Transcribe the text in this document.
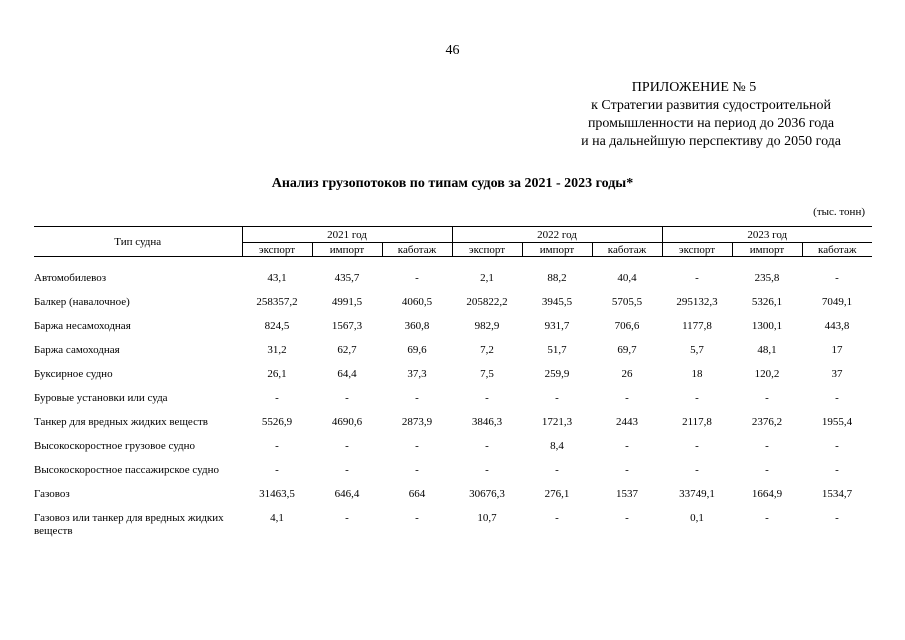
46
ПРИЛОЖЕНИЕ № 5
к Стратегии развития судостроительной
промышленности на период до 2036 года
и на дальнейшую перспективу до 2050 года
Анализ грузопотоков по типам судов за 2021 - 2023 годы*
(тыс. тонн)
Тип судна	2021 год			2022 год			2023 год		
	экспорт	импорт	каботаж	экспорт	импорт	каботаж	экспорт	импорт	каботаж

Автомобилевоз	43,1	435,7	-	2,1	88,2	40,4	-	235,8	-
Балкер (навалочное)	258357,2	4991,5	4060,5	205822,2	3945,5	5705,5	295132,3	5326,1	7049,1
Баржа несамоходная	824,5	1567,3	360,8	982,9	931,7	706,6	1177,8	1300,1	443,8
Баржа самоходная	31,2	62,7	69,6	7,2	51,7	69,7	5,7	48,1	17
Буксирное судно	26,1	64,4	37,3	7,5	259,9	26	18	120,2	37
Буровые установки или суда	-	-	-	-	-	-	-	-	-
Танкер для вредных жидких веществ	5526,9	4690,6	2873,9	3846,3	1721,3	2443	2117,8	2376,2	1955,4
Высокоскоростное грузовое судно	-	-	-	-	8,4	-	-	-	-
Высокоскоростное пассажирское судно	-	-	-	-	-	-	-	-	-
Газовоз	31463,5	646,4	664	30676,3	276,1	1537	33749,1	1664,9	1534,7
Газовоз или танкер для вредных жидких веществ	4,1	-	-	10,7	-	-	0,1	-	-
